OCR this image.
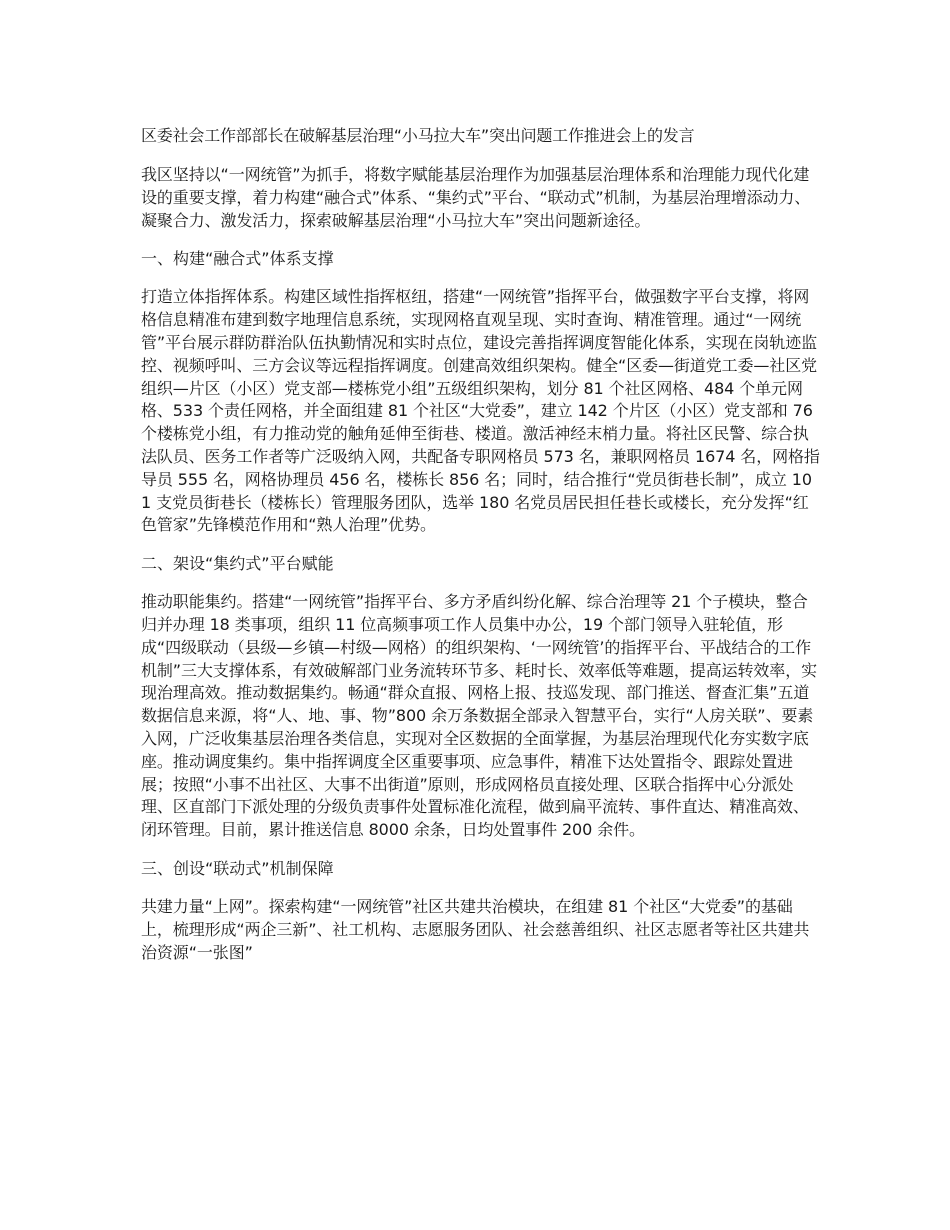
区委社会工作部部长在破解基层治理“小马拉大车”突出问题工作推进会上的发言

我区坚持以“一网统管”为抓手，将数字赋能基层治理作为加强基层治理体系和治理能力现代化建设的重要支撑，着力构建“融合式”体系、“集约式”平台、“联动式”机制，为基层治理增添动力、凝聚合力、激发活力，探索破解基层治理“小马拉大车”突出问题新途径。

一、构建“融合式”体系支撑

打造立体指挥体系。构建区域性指挥枢纽，搭建“一网统管”指挥平台，做强数字平台支撑，将网格信息精准布建到数字地理信息系统，实现网格直观呈现、实时查询、精准管理。通过“一网统管”平台展示群防群治队伍执勤情况和实时点位，建设完善指挥调度智能化体系，实现在岗轨迹监控、视频呼叫、三方会议等远程指挥调度。创建高效组织架构。健全“区委—街道党工委—社区党组织—片区（小区）党支部—楼栋党小组”五级组织架构，划分 81 个社区网格、484 个单元网格、533 个责任网格，并全面组建 81 个社区“大党委”，建立 142 个片区（小区）党支部和 76 个楼栋党小组，有力推动党的触角延伸至街巷、楼道。激活神经末梢力量。将社区民警、综合执法队员、医务工作者等广泛吸纳入网，共配备专职网格员 573 名，兼职网格员 1674 名，网格指导员 555 名，网格协理员 456 名，楼栋长 856 名；同时，结合推行“党员街巷长制”，成立 101 支党员街巷长（楼栋长）管理服务团队，选举 180 名党员居民担任巷长或楼长，充分发挥“红色管家”先锋模范作用和“熟人治理”优势。

二、架设“集约式”平台赋能

推动职能集约。搭建“一网统管”指挥平台、多方矛盾纠纷化解、综合治理等 21 个子模块，整合归并办理 18 类事项，组织 11 位高频事项工作人员集中办公，19 个部门领导入驻轮值，形成“四级联动（县级—乡镇—村级—网格）的组织架构、‘一网统管’的指挥平台、平战结合的工作机制”三大支撑体系，有效破解部门业务流转环节多、耗时长、效率低等难题，提高运转效率，实现治理高效。推动数据集约。畅通“群众直报、网格上报、技巡发现、部门推送、督查汇集”五道数据信息来源，将“人、地、事、物”800 余万条数据全部录入智慧平台，实行“人房关联”、要素入网，广泛收集基层治理各类信息，实现对全区数据的全面掌握，为基层治理现代化夯实数字底座。推动调度集约。集中指挥调度全区重要事项、应急事件，精准下达处置指令、跟踪处置进展；按照“小事不出社区、大事不出街道”原则，形成网格员直接处理、区联合指挥中心分派处理、区直部门下派处理的分级负责事件处置标准化流程，做到扁平流转、事件直达、精准高效、闭环管理。目前，累计推送信息 8000 余条，日均处置事件 200 余件。

三、创设“联动式”机制保障

共建力量“上网”。探索构建“一网统管”社区共建共治模块，在组建 81 个社区“大党委”的基础上，梳理形成“两企三新”、社工机构、志愿服务团队、社会慈善组织、社区志愿者等社区共建共治资源“一张图”
